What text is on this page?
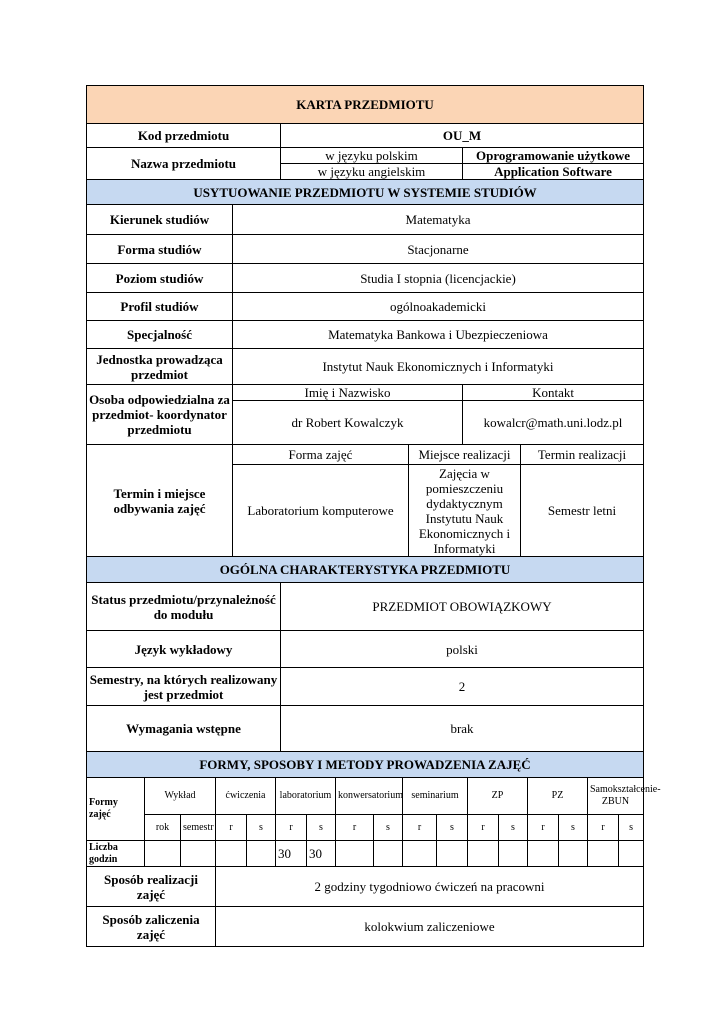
KARTA PRZEDMIOTU		
Kod przedmiotu	OU_M	
Nazwa przedmiotu	w języku polskim	Oprogramowanie użytkowe
	w języku angielskim	Application Software
USYTUOWANIE PRZEDMIOTU W SYSTEMIE STUDIÓW				
Kierunek studiów	Matematyka			
Forma studiów	Stacjonarne			
Poziom studiów	Studia I stopnia (licencjackie)			
Profil studiów	ogólnoakademicki			
Specjalność	Matematyka Bankowa i Ubezpieczeniowa			
Jednostka prowadząca przedmiot	Instytut Nauk Ekonomicznych i Informatyki			
Osoba odpowiedzialna za przedmiot- koordynator przedmiotu	Imię i Nazwisko		Kontakt	
	dr Robert Kowalczyk		kowalcr@math.uni.lodz.pl	
Termin i miejsce odbywania zajęć	Forma zajęć	Miejsce realizacji		Termin realizacji
	Laboratorium komputerowe	Zajęcia w pomieszczeniu dydaktycznym Instytutu Nauk Ekonomicznych i Informatyki		Semestr letni
OGÓLNA CHARAKTERYSTYKA PRZEDMIOTU	
Status przedmiotu/przynależność do modułu	PRZEDMIOT OBOWIĄZKOWY
Język wykładowy	polski
Semestry, na których realizowany jest przedmiot	2
Wymagania wstępne	brak
FORMY, SPOSOBY I METODY PROWADZENIA ZAJĘĆ																
Formy zajęć	Wykład		ćwiczenia		laboratorium		konwersatorium		seminarium		ZP		PZ		Samokształcenie-ZBUN	
	rok	semestr	r	s	r	s	r	s	r	s	r	s	r	s	r	s
Liczba godzin					30	30										
Sposób realizacji zajęć			2 godziny tygodniowo ćwiczeń na pracowni													
Sposób zaliczenia zajęć			kolokwium zaliczeniowe													
